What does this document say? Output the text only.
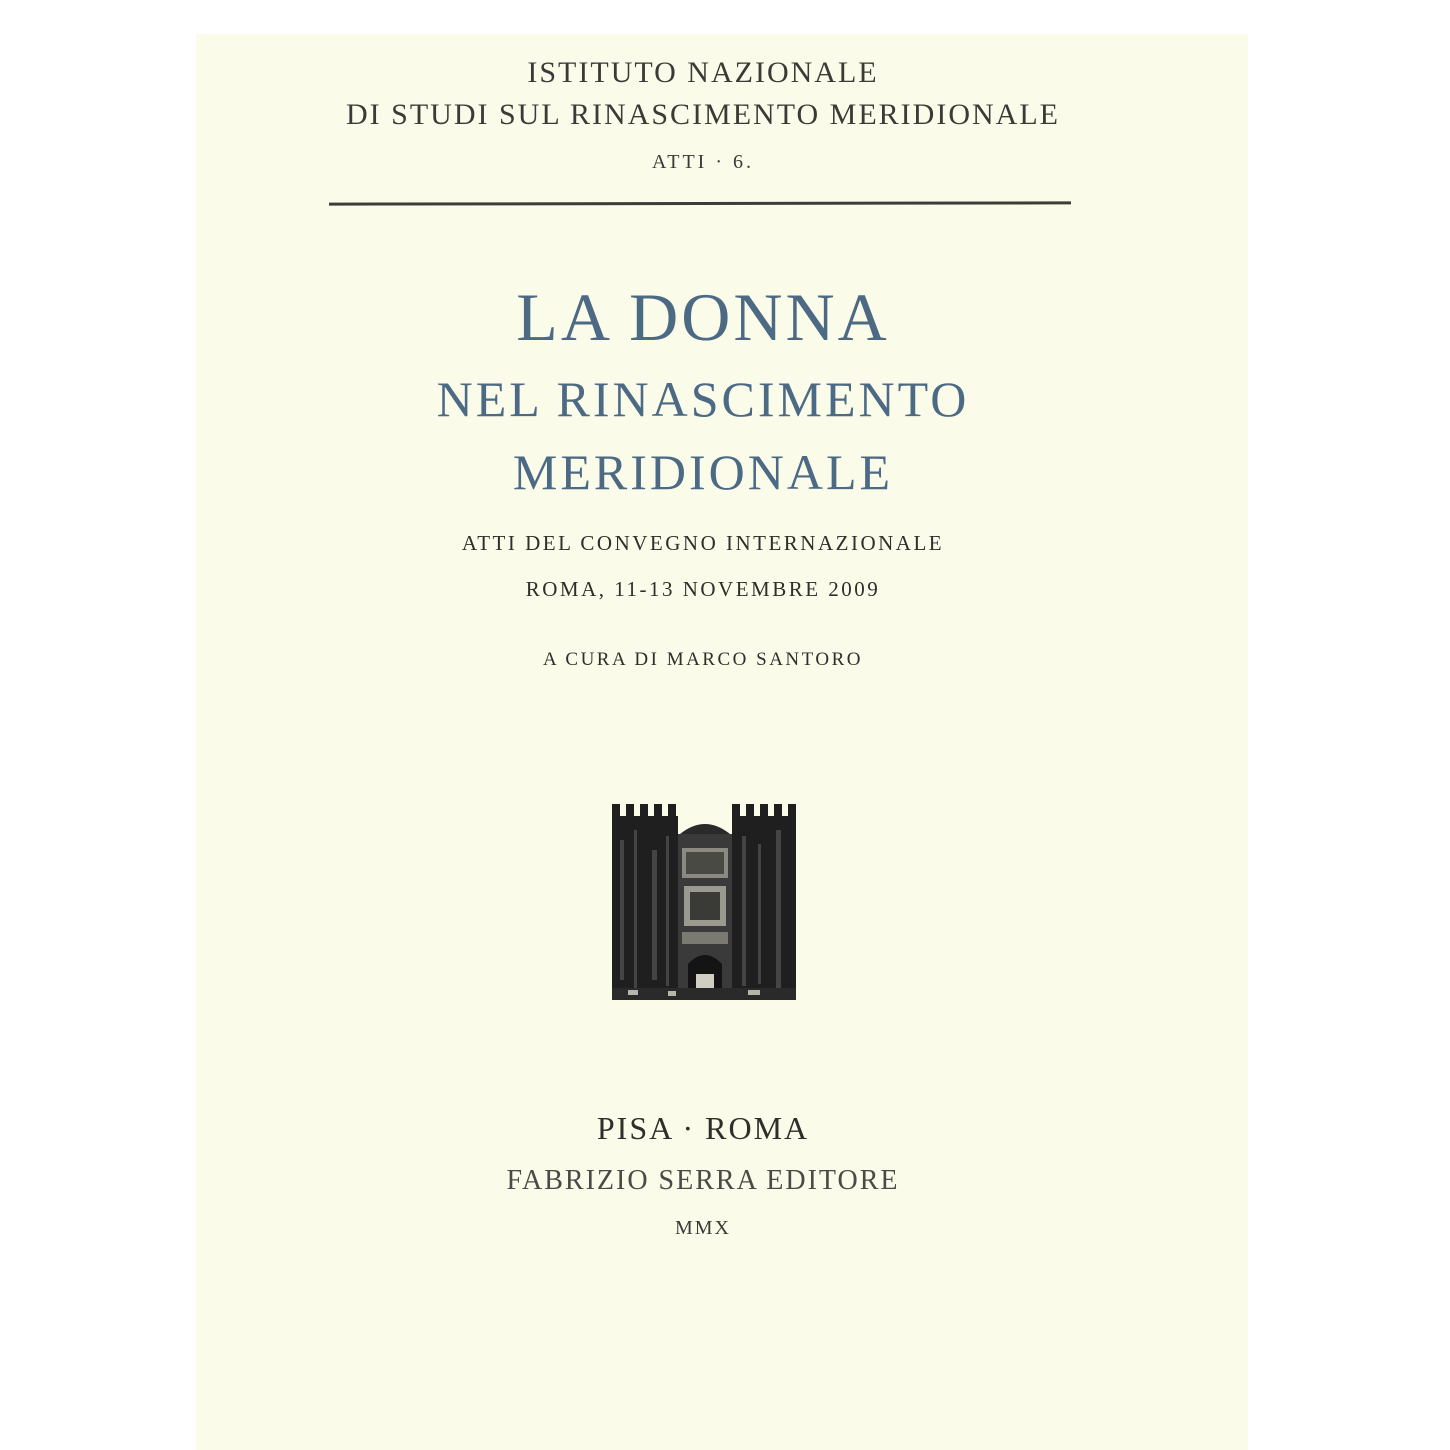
ISTITUTO NAZIONALE
DI STUDI SUL RINASCIMENTO MERIDIONALE
ATTI · 6.
LA DONNA
NEL RINASCIMENTO
MERIDIONALE
ATTI DEL CONVEGNO INTERNAZIONALE
ROMA, 11-13 NOVEMBRE 2009
A CURA DI MARCO SANTORO
PISA · ROMA
FABRIZIO SERRA EDITORE
MMX
